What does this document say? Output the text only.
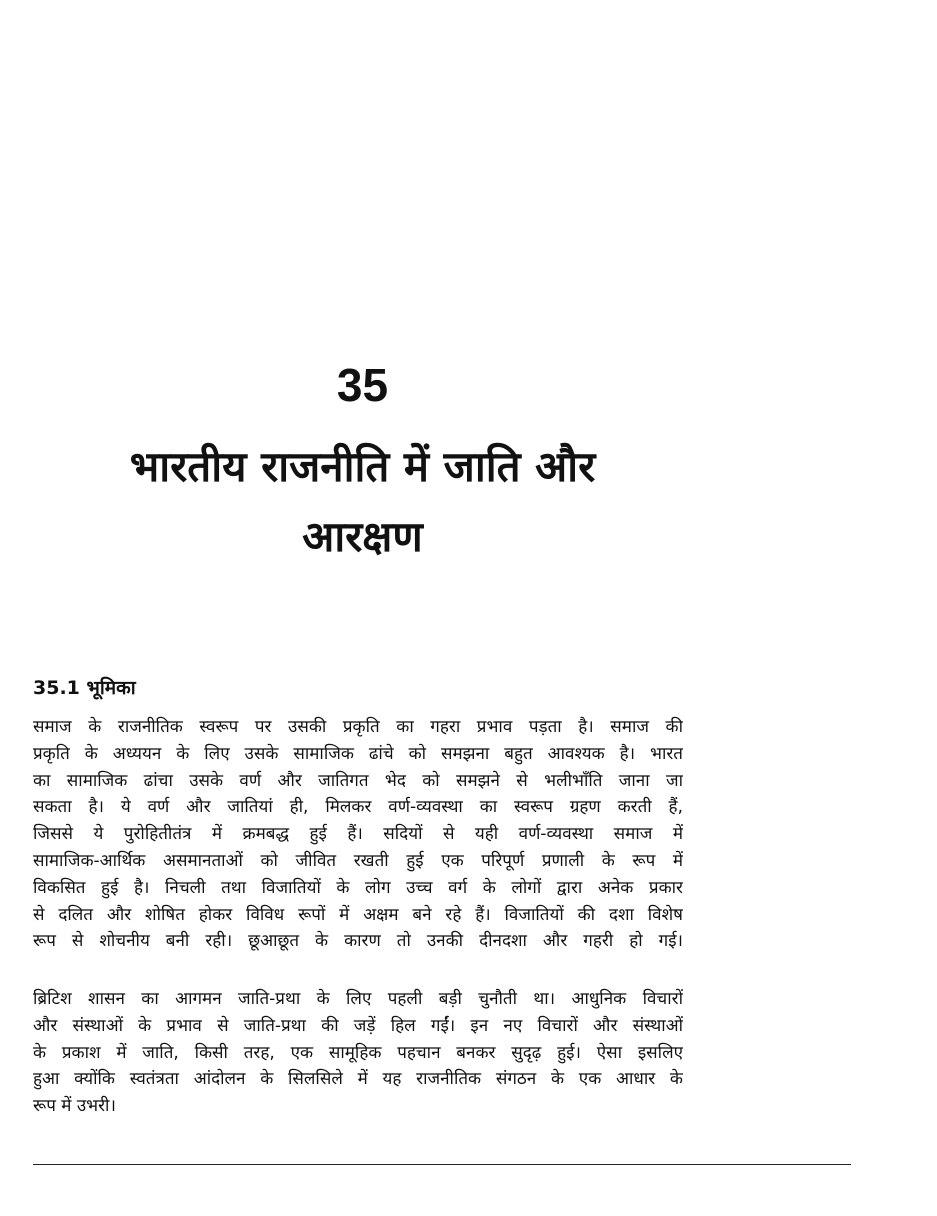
35
भारतीय राजनीति में जाति और
आरक्षण
35.1 भूमिका
समाज के राजनीतिक स्वरूप पर उसकी प्रकृति का गहरा प्रभाव पड़ता है। समाज की
प्रकृति के अध्ययन के लिए उसके सामाजिक ढांचे को समझना बहुत आवश्यक है। भारत
का सामाजिक ढांचा उसके वर्ण और जातिगत भेद को समझने से भलीभाँति जाना जा
सकता है। ये वर्ण और जातियां ही, मिलकर वर्ण-व्यवस्था का स्वरूप ग्रहण करती हैं,
जिससे ये पुरोहितीतंत्र में क्रमबद्ध हुई हैं। सदियों से यही वर्ण-व्यवस्था समाज में
सामाजिक-आर्थिक असमानताओं को जीवित रखती हुई एक परिपूर्ण प्रणाली के रूप में
विकसित हुई है। निचली तथा विजातियों के लोग उच्च वर्ग के लोगों द्वारा अनेक प्रकार
से दलित और शोषित होकर विविध रूपों में अक्षम बने रहे हैं। विजातियों की दशा विशेष
रूप से शोचनीय बनी रही। छूआछूत के कारण तो उनकी दीनदशा और गहरी हो गई।
ब्रिटिश शासन का आगमन जाति-प्रथा के लिए पहली बड़ी चुनौती था। आधुनिक विचारों
और संस्थाओं के प्रभाव से जाति-प्रथा की जड़ें हिल गईं। इन नए विचारों और संस्थाओं
के प्रकाश में जाति, किसी तरह, एक सामूहिक पहचान बनकर सुदृढ़ हुई। ऐसा इसलिए
हुआ क्योंकि स्वतंत्रता आंदोलन के सिलसिले में यह राजनीतिक संगठन के एक आधार के
रूप में उभरी।
